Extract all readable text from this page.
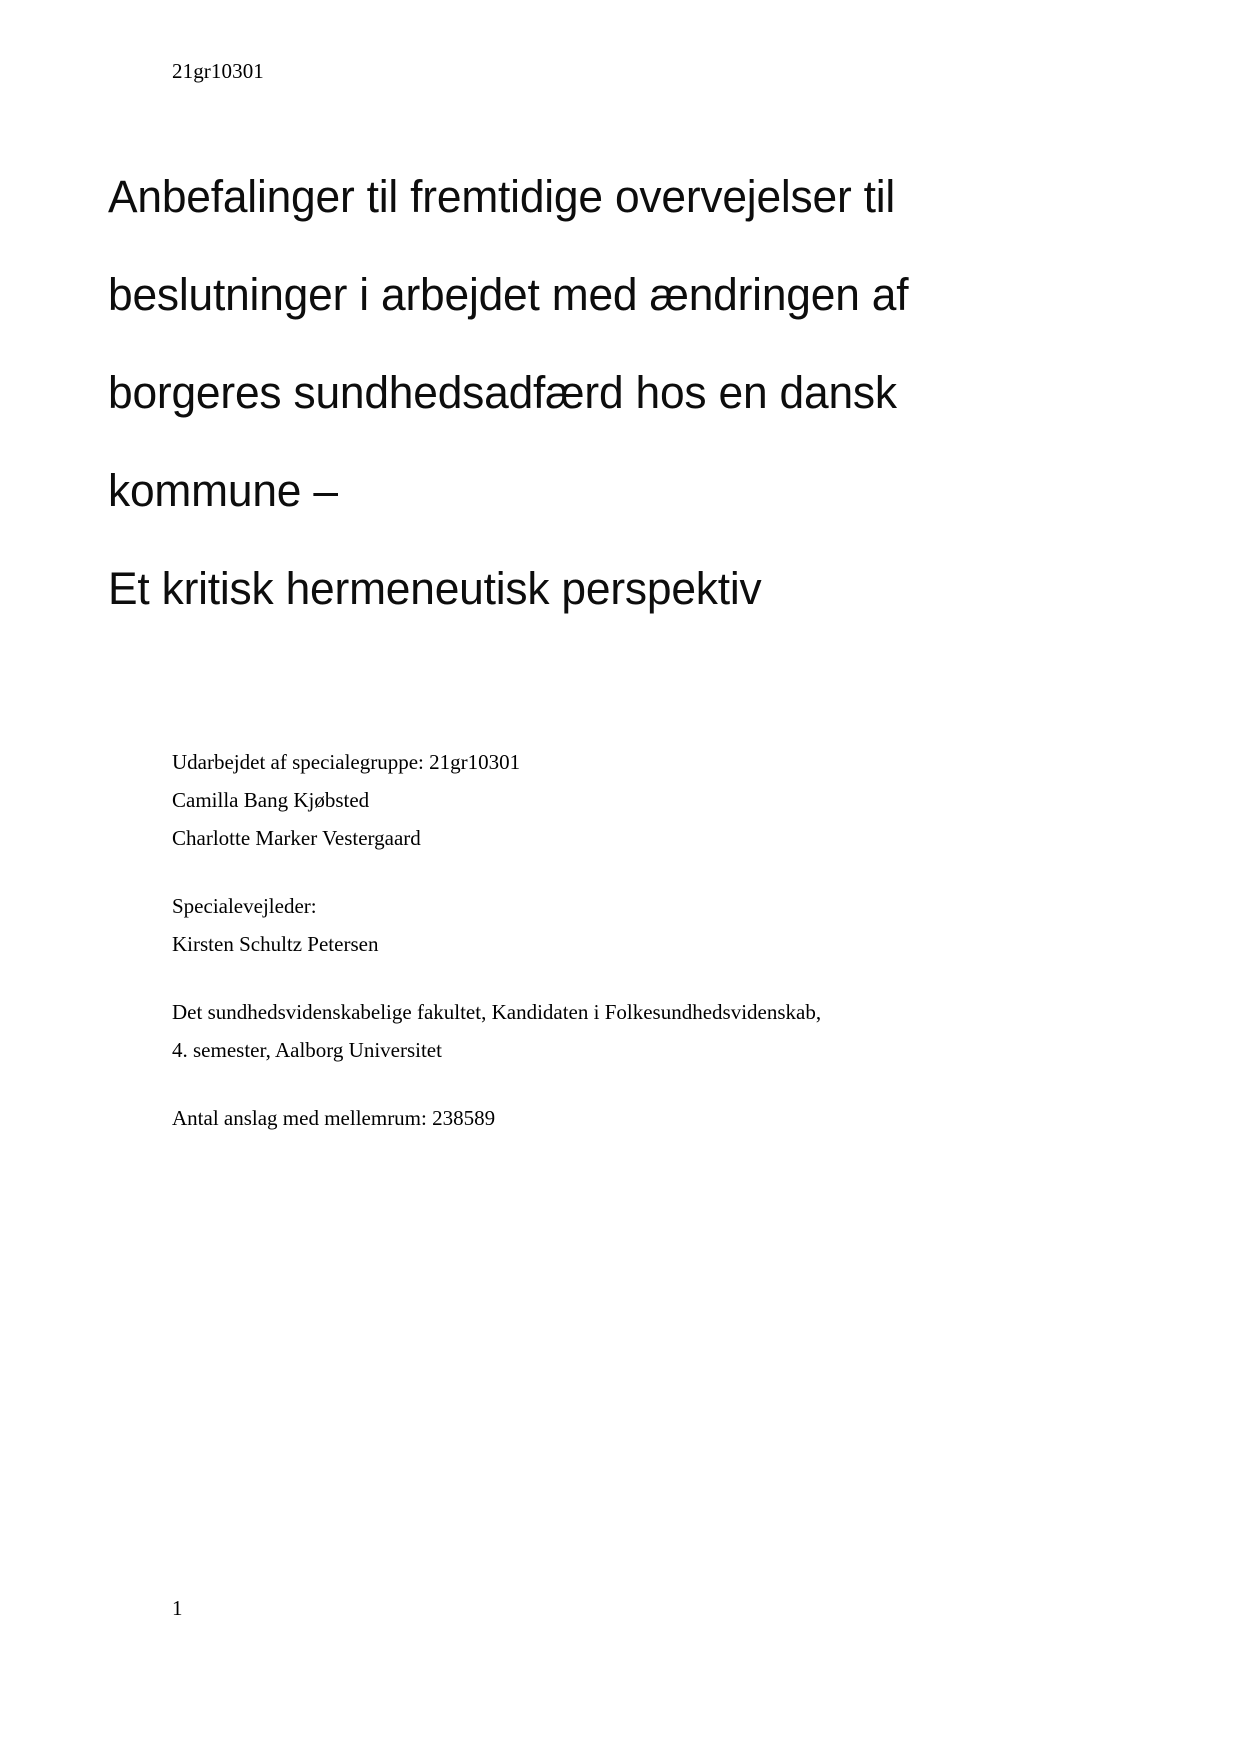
21gr10301
Anbefalinger til fremtidige overvejelser til
beslutninger i arbejdet med ændringen af
borgeres sundhedsadfærd hos en dansk
kommune –
Et kritisk hermeneutisk perspektiv
Udarbejdet af specialegruppe: 21gr10301
Camilla Bang Kjøbsted
Charlotte Marker Vestergaard
Specialevejleder:
Kirsten Schultz Petersen
Det sundhedsvidenskabelige fakultet, Kandidaten i Folkesundhedsvidenskab,
4. semester, Aalborg Universitet
Antal anslag med mellemrum: 238589
1
